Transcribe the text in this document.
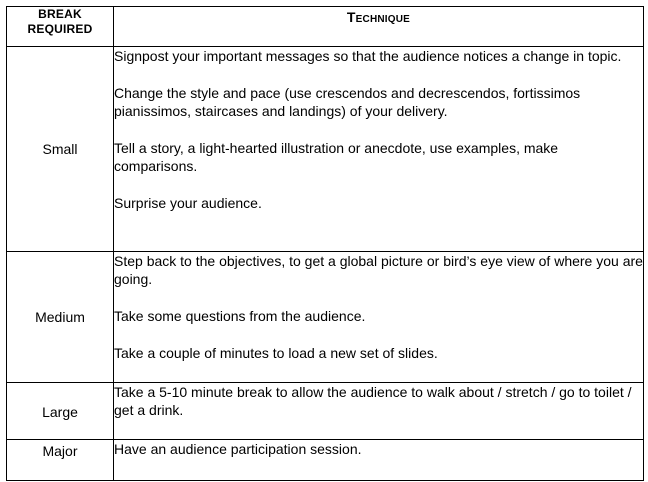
BREAK
REQUIRED	Technique
Small	Signpost your important messages so that the audience notices a change in topic.

Change the style and pace (use crescendos and decrescendos, fortissimos pianissimos, staircases and landings) of your delivery.

Tell a story, a light-hearted illustration or anecdote, use examples, make comparisons.

Surprise your audience.

Medium	Step back to the objectives, to get a global picture or bird’s eye view of where you are going.

Take some questions from the audience.

Take a couple of minutes to load a new set of slides.

Large	Take a 5-10 minute break to allow the audience to walk about / stretch / go to toilet / get a drink.

Major	Have an audience participation session.
